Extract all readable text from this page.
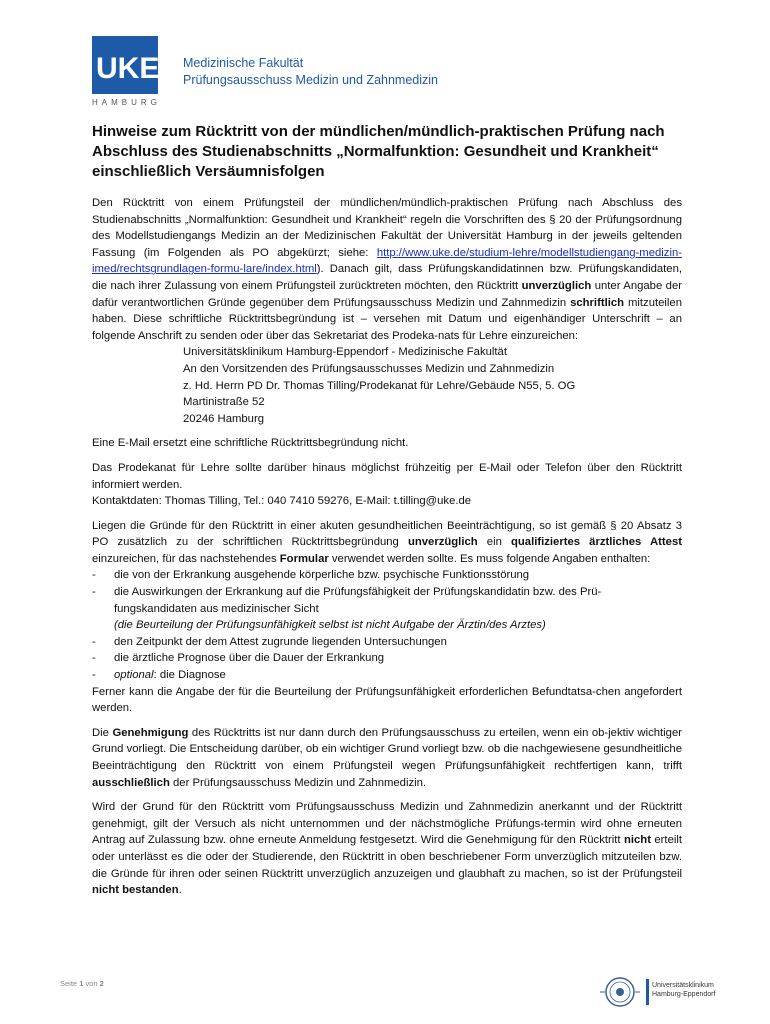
UKE
HAMBURG
Medizinische Fakultät
Prüfungsausschuss Medizin und Zahnmedizin
Hinweise zum Rücktritt von der mündlichen/mündlich-praktischen Prüfung nach Abschluss des Studienabschnitts „Normalfunktion: Gesundheit und Krankheit“ einschließlich Versäumnisfolgen

Den Rücktritt von einem Prüfungsteil der mündlichen/mündlich-praktischen Prüfung nach Abschluss des Studienabschnitts „Normalfunktion: Gesundheit und Krankheit“ regeln die Vorschriften des § 20 der Prüfungsordnung des Modellstudiengangs Medizin an der Medizinischen Fakultät der Universität Hamburg in der jeweils geltenden Fassung (im Folgenden als PO abgekürzt; siehe: http://www.uke.de/studium-lehre/modellstudiengang-medizin-imed/rechtsgrundlagen-formu-lare/index.html). Danach gilt, dass Prüfungskandidatinnen bzw. Prüfungskandidaten, die nach ihrer Zulassung von einem Prüfungsteil zurücktreten möchten, den Rücktritt unverzüglich unter Angabe der dafür verantwortlichen Gründe gegenüber dem Prüfungsausschuss Medizin und Zahnmedizin schriftlich mitzuteilen haben. Diese schriftliche Rücktrittsbegründung ist – versehen mit Datum und eigenhändiger Unterschrift – an folgende Anschrift zu senden oder über das Sekretariat des Prodeka-nats für Lehre einzureichen:

Universitätsklinikum Hamburg-Eppendorf - Medizinische Fakultät
An den Vorsitzenden des Prüfungsausschusses Medizin und Zahnmedizin
z. Hd. Herrn PD Dr. Thomas Tilling/Prodekanat für Lehre/Gebäude N55, 5. OG
Martinistraße 52
20246 Hamburg

Eine E-Mail ersetzt eine schriftliche Rücktrittsbegründung nicht.

Das Prodekanat für Lehre sollte darüber hinaus möglichst frühzeitig per E-Mail oder Telefon über den Rücktritt informiert werden.
Kontaktdaten: Thomas Tilling, Tel.: 040 7410 59276, E-Mail: t.tilling@uke.de

Liegen die Gründe für den Rücktritt in einer akuten gesundheitlichen Beeinträchtigung, so ist gemäß § 20 Absatz 3 PO zusätzlich zu der schriftlichen Rücktrittsbegründung unverzüglich ein qualifiziertes ärztliches Attest einzureichen, für das nachstehendes Formular verwendet werden sollte. Es muss folgende Angaben enthalten:

- die von der Erkrankung ausgehende körperliche bzw. psychische Funktionsstörung
- die Auswirkungen der Erkrankung auf die Prüfungsfähigkeit der Prüfungskandidatin bzw. des Prü-fungskandidaten aus medizinischer Sicht
(die Beurteilung der Prüfungsunfähigkeit selbst ist nicht Aufgabe der Ärztin/des Arztes)
- den Zeitpunkt der dem Attest zugrunde liegenden Untersuchungen
- die ärztliche Prognose über die Dauer der Erkrankung
- optional: die Diagnose

Ferner kann die Angabe der für die Beurteilung der Prüfungsunfähigkeit erforderlichen Befundtatsa-chen angefordert werden.

Die Genehmigung des Rücktritts ist nur dann durch den Prüfungsausschuss zu erteilen, wenn ein ob-jektiv wichtiger Grund vorliegt. Die Entscheidung darüber, ob ein wichtiger Grund vorliegt bzw. ob die nachgewiesene gesundheitliche Beeinträchtigung den Rücktritt von einem Prüfungsteil wegen Prüfungsunfähigkeit rechtfertigen kann, trifft ausschließlich der Prüfungsausschuss Medizin und Zahnmedizin.

Wird der Grund für den Rücktritt vom Prüfungsausschuss Medizin und Zahnmedizin anerkannt und der Rücktritt genehmigt, gilt der Versuch als nicht unternommen und der nächstmögliche Prüfungs-termin wird ohne erneuten Antrag auf Zulassung bzw. ohne erneute Anmeldung festgesetzt. Wird die Genehmigung für den Rücktritt nicht erteilt oder unterlässt es die oder der Studierende, den Rücktritt in oben beschriebener Form unverzüglich mitzuteilen bzw. die Gründe für ihren oder seinen Rücktritt unverzüglich anzuzeigen und glaubhaft zu machen, so ist der Prüfungsteil nicht bestanden.

Seite 1 von 2	Universitätsklinikum
Hamburg-Eppendorf
